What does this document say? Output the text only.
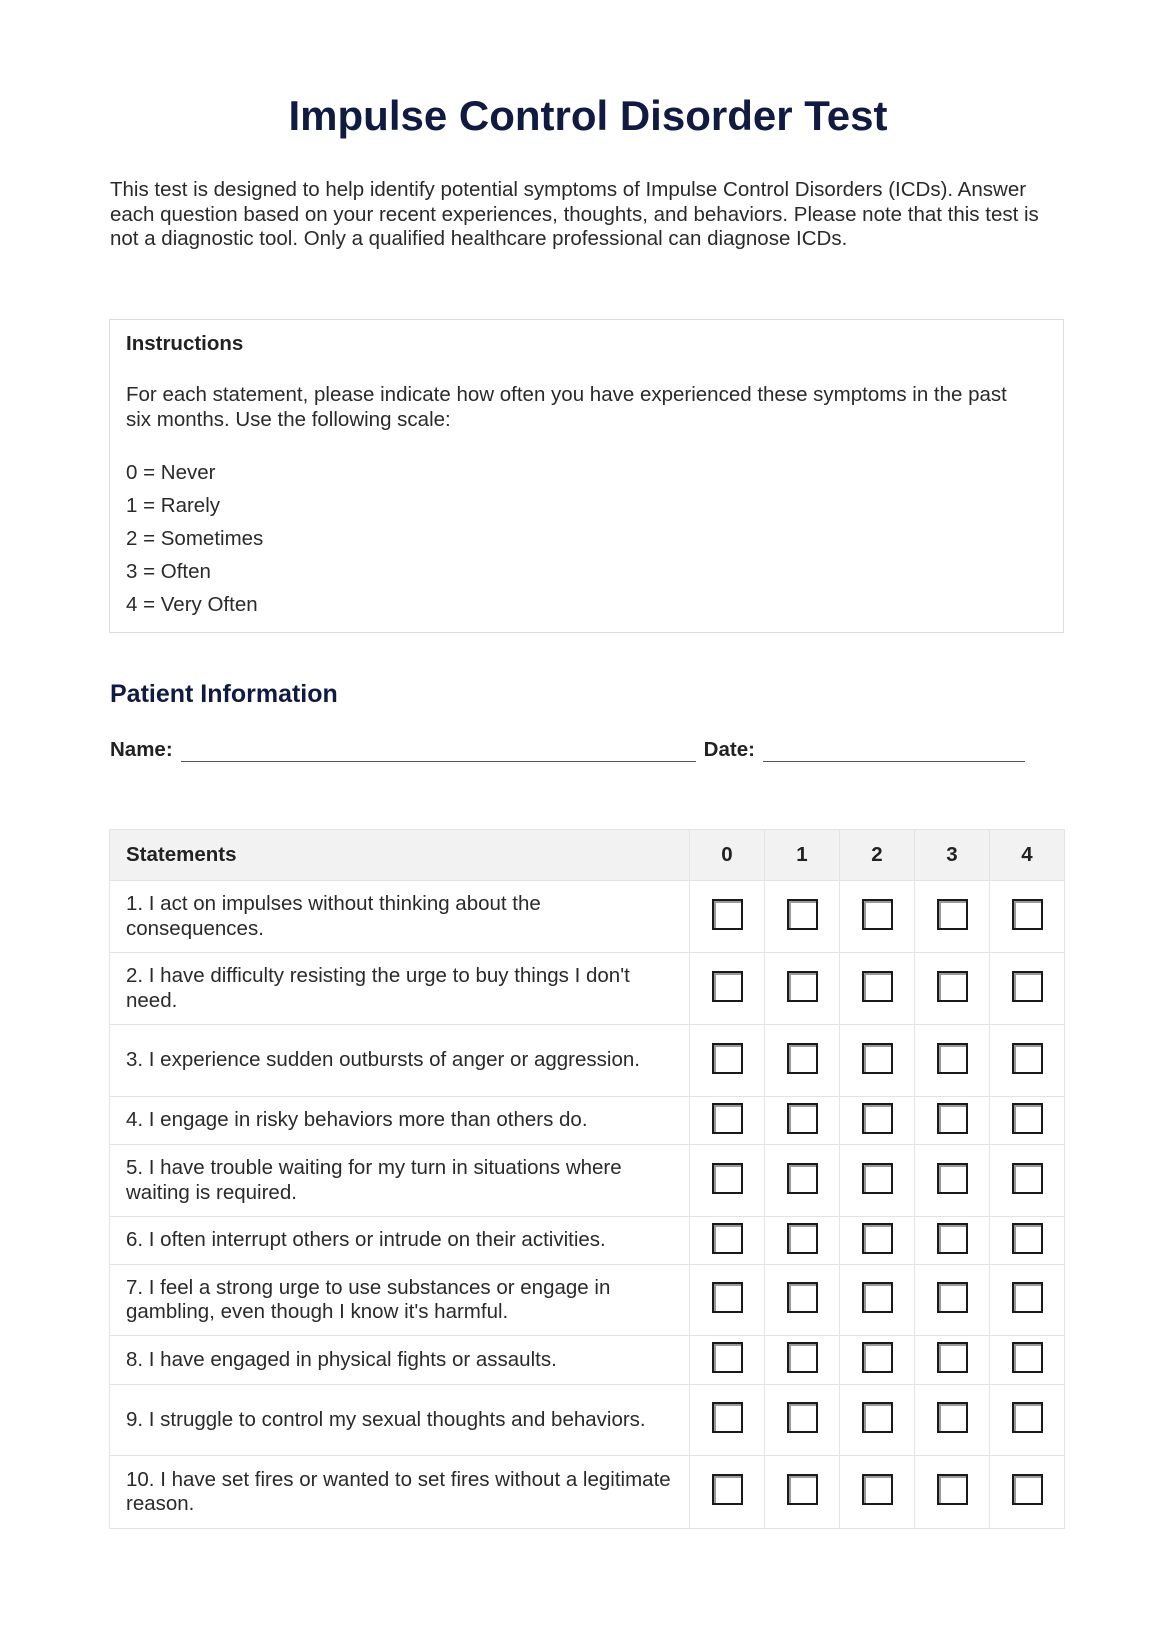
Impulse Control Disorder Test

This test is designed to help identify potential symptoms of Impulse Control Disorders (ICDs). Answer each question based on your recent experiences, thoughts, and behaviors. Please note that this test is not a diagnostic tool. Only a qualified healthcare professional can diagnose ICDs.

Instructions

For each statement, please indicate how often you have experienced these symptoms in the past six months. Use the following scale:

0 = Never
1 = Rarely
2 = Sometimes
3 = Often
4 = Very Often
Patient Information
Name:	Date:
Statements	0	1	2	3	4
1. I act on impulses without thinking about the consequences.					
2. I have difficulty resisting the urge to buy things I don't need.					
3. I experience sudden outbursts of anger or aggression.					
4. I engage in risky behaviors more than others do.					
5. I have trouble waiting for my turn in situations where waiting is required.					
6. I often interrupt others or intrude on their activities.					
7. I feel a strong urge to use substances or engage in gambling, even though I know it's harmful.					
8. I have engaged in physical fights or assaults.					
9. I struggle to control my sexual thoughts and behaviors.					
10. I have set fires or wanted to set fires without a legitimate reason.					
